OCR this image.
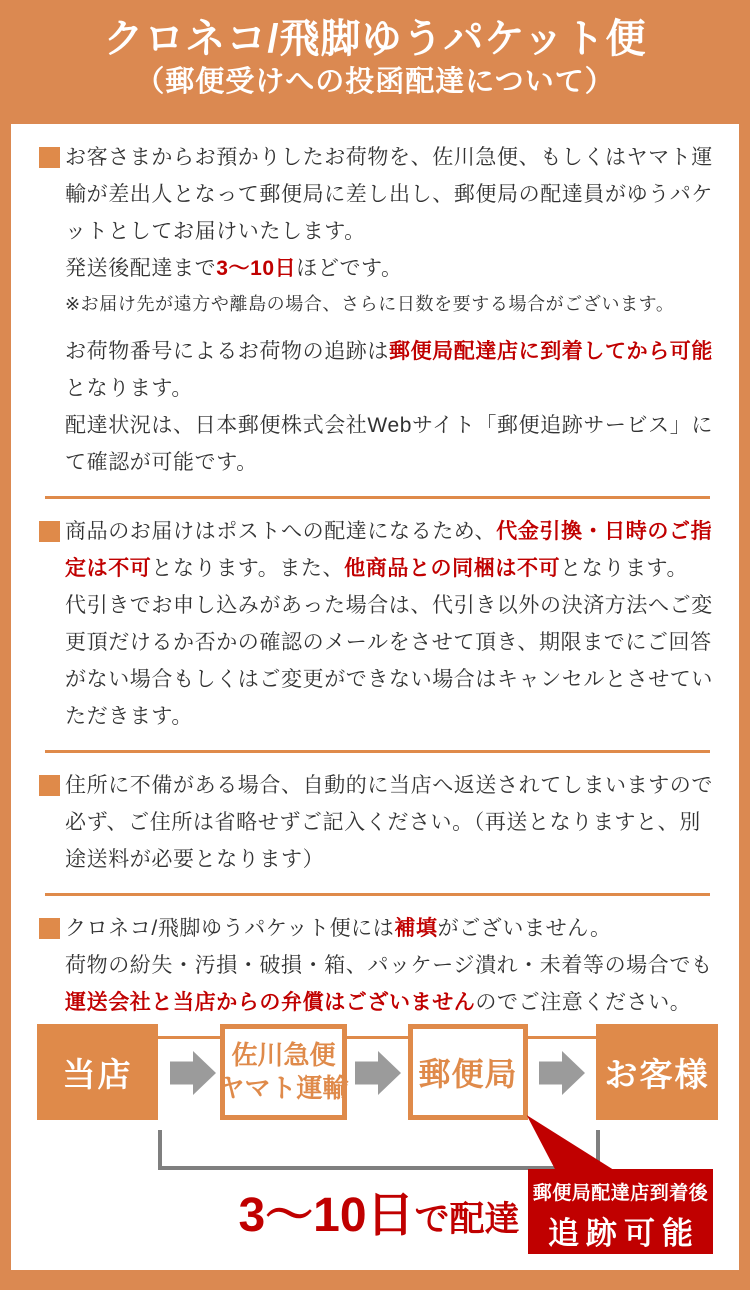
クロネコ/飛脚ゆうパケット便
（郵便受けへの投函配達について）
お客さまからお預かりしたお荷物を、佐川急便、もしくはヤマト運輸が差出人となって郵便局に差し出し、郵便局の配達員がゆうパケットとしてお届けいたします。
発送後配達まで3〜10日ほどです。
※お届け先が遠方や離島の場合、さらに日数を要する場合がございます。
お荷物番号によるお荷物の追跡は郵便局配達店に到着してから可能となります。
配達状況は、日本郵便株式会社Webサイト「郵便追跡サービス」にて確認が可能です。
商品のお届けはポストへの配達になるため、代金引換・日時のご指定は不可となります。また、他商品との同梱は不可となります。
代引きでお申し込みがあった場合は、代引き以外の決済方法へご変更頂だけるか否かの確認のメールをさせて頂き、期限までにご回答がない場合もしくはご変更ができない場合はキャンセルとさせていただきます。
住所に不備がある場合、自動的に当店へ返送されてしまいますので必ず、ご住所は省略せずご記入ください。（再送となりますと、別途送料が必要となります）
クロネコ/飛脚ゆうパケット便には補填がございません。
荷物の紛失・汚損・破損・箱、パッケージ潰れ・未着等の場合でも運送会社と当店からの弁償はございませんのでご注意ください。
当店
佐川急便
ヤマト運輸 郵便局	お客様
3〜10日で配達
郵便局配達店到着後
追跡可能
